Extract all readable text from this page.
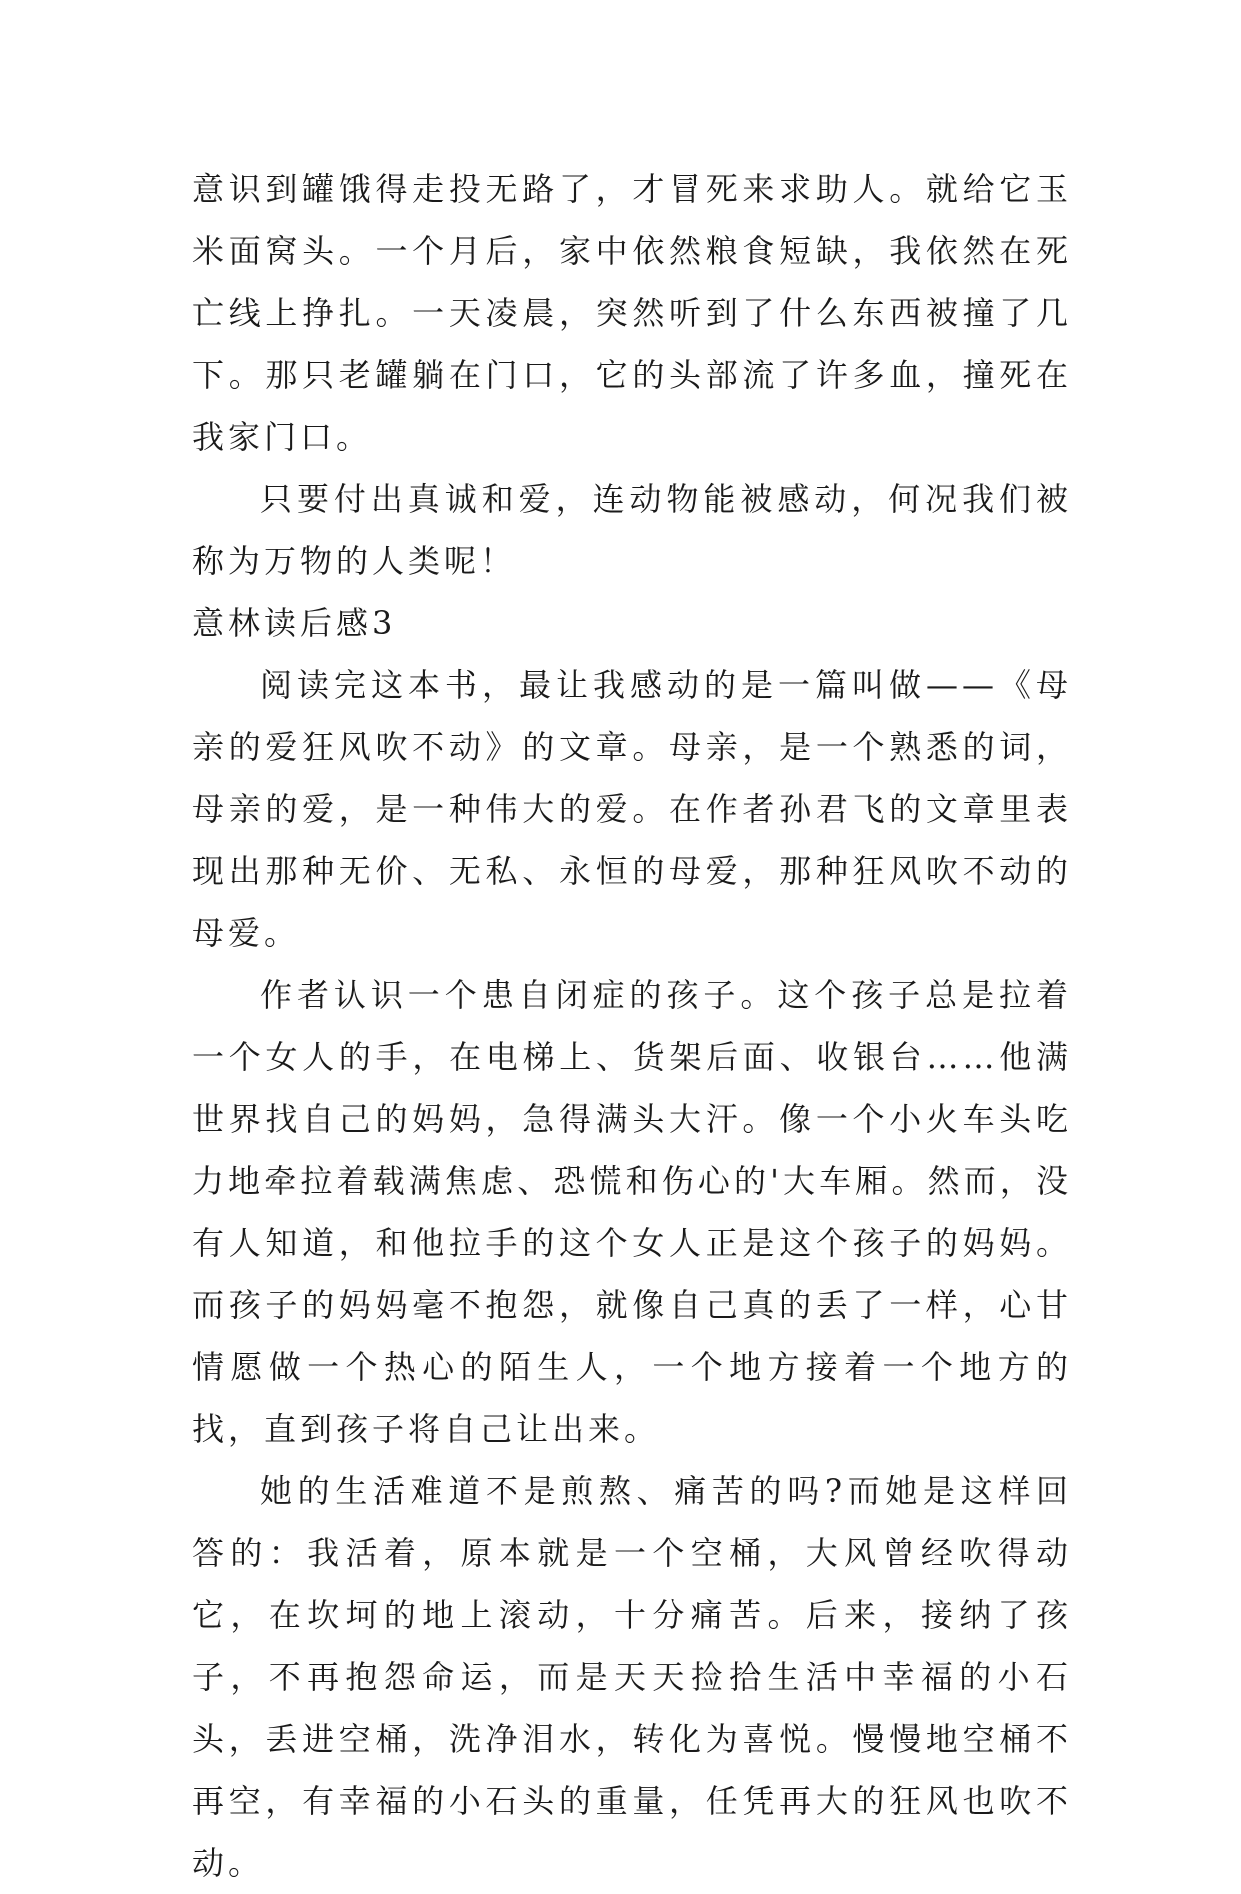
意识到罐饿得走投无路了，才冒死来求助人。就给它玉米面窝头。一个月后，家中依然粮食短缺，我依然在死亡线上挣扎。一天凌晨，突然听到了什么东西被撞了几下。那只老罐躺在门口，它的头部流了许多血，撞死在我家门口。

只要付出真诚和爱，连动物能被感动，何况我们被称为万物的人类呢！

意林读后感3

阅读完这本书，最让我感动的是一篇叫做——《母亲的爱狂风吹不动》的文章。母亲，是一个熟悉的词，母亲的爱，是一种伟大的爱。在作者孙君飞的文章里表现出那种无价、无私、永恒的母爱，那种狂风吹不动的母爱。

作者认识一个患自闭症的孩子。这个孩子总是拉着一个女人的手，在电梯上、货架后面、收银台……他满世界找自己的妈妈，急得满头大汗。像一个小火车头吃力地牵拉着载满焦虑、恐慌和伤心的'大车厢。然而，没有人知道，和他拉手的这个女人正是这个孩子的妈妈。而孩子的妈妈毫不抱怨，就像自己真的丢了一样，心甘情愿做一个热心的陌生人，一个地方接着一个地方的找，直到孩子将自己让出来。

她的生活难道不是煎熬、痛苦的吗?而她是这样回答的：我活着，原本就是一个空桶，大风曾经吹得动它，在坎坷的地上滚动，十分痛苦。后来，接纳了孩子，不再抱怨命运，而是天天捡拾生活中幸福的小石头，丢进空桶，洗净泪水，转化为喜悦。慢慢地空桶不再空，有幸福的小石头的重量，任凭再大的狂风也吹不动。
